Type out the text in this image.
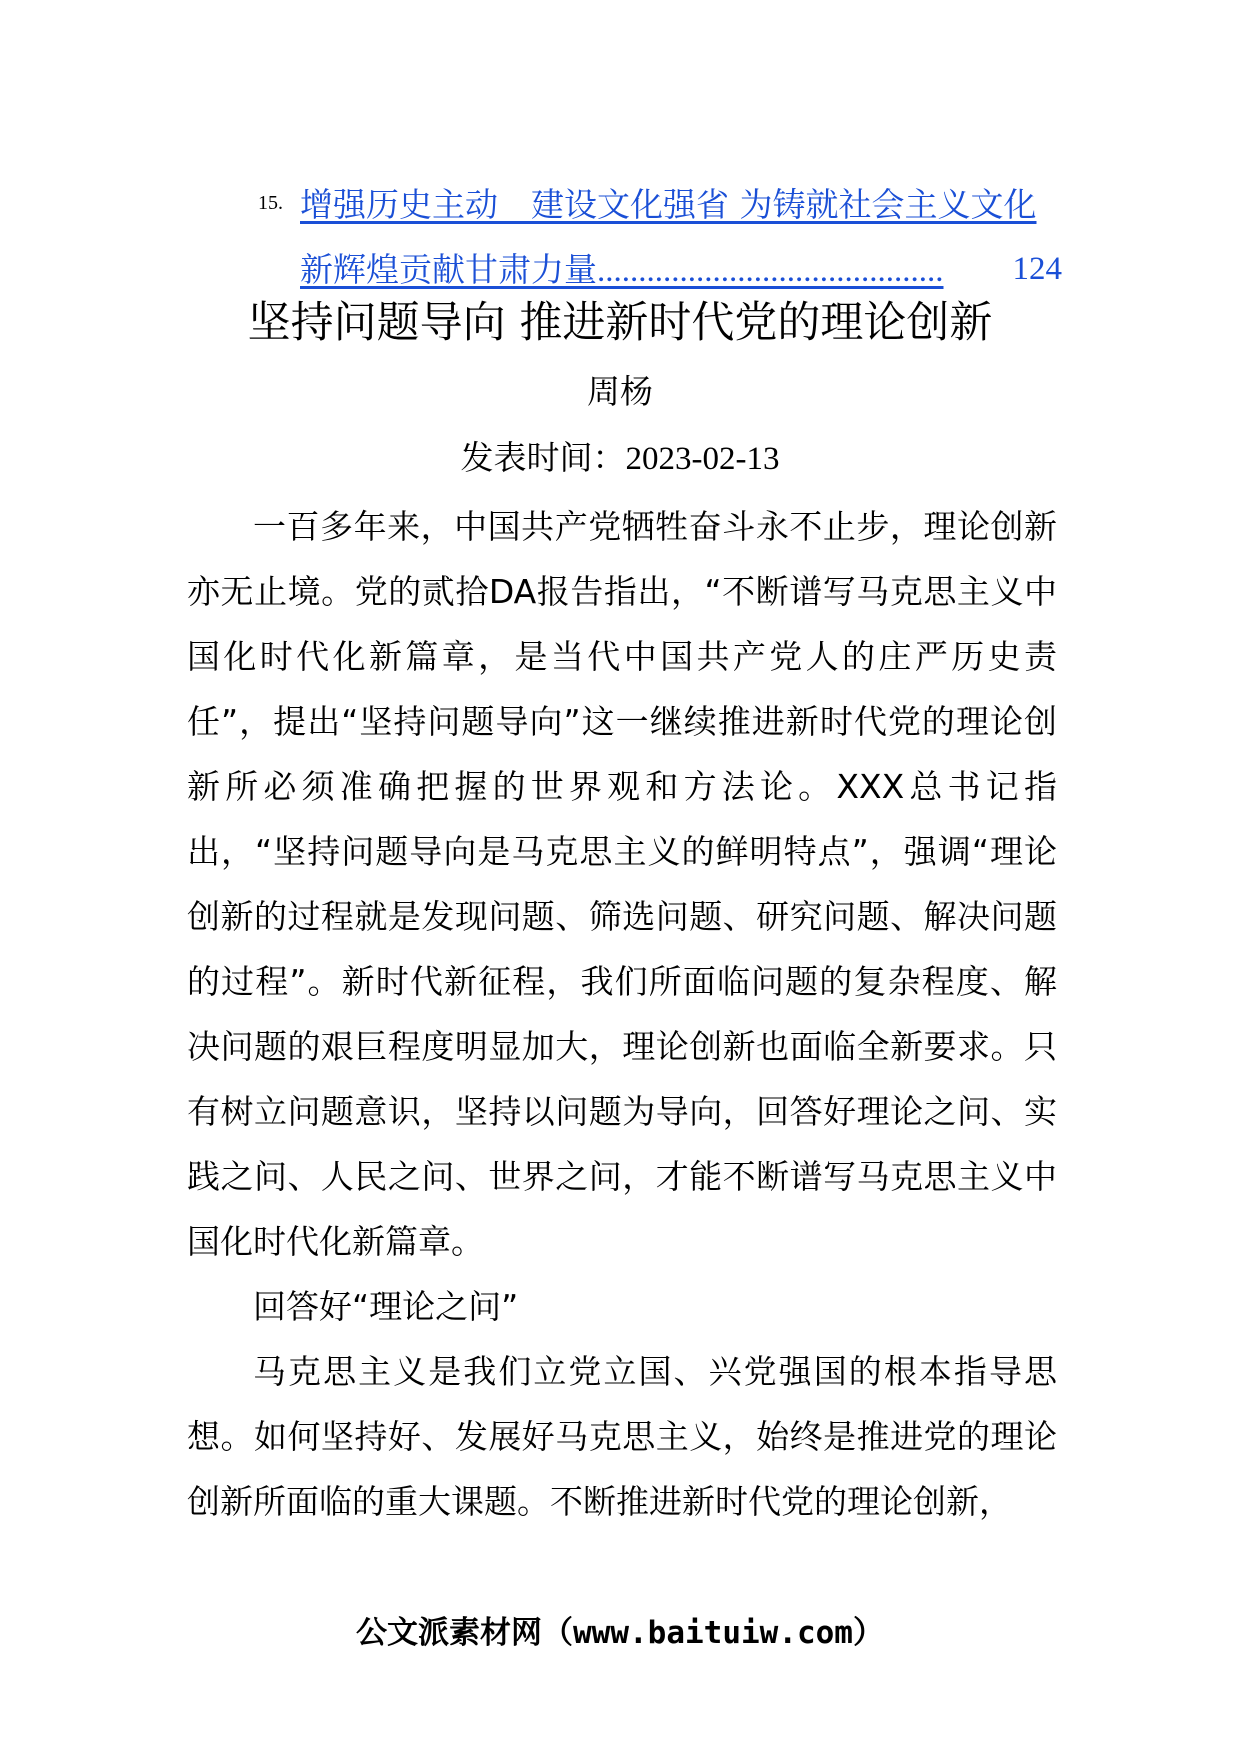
15. 增强历史主动　建设文化强省 为铸就社会主义文化
新辉煌贡献甘肃力量.......................................... 124
坚持问题导向 推进新时代党的理论创新
周杨
发表时间：2023-02-13

一百多年来，中国共产党牺牲奋斗永不止步，理论创新亦无止境。党的贰拾DA报告指出，“不断谱写马克思主义中国化时代化新篇章，是当代中国共产党人的庄严历史责任”，提出“坚持问题导向”这一继续推进新时代党的理论创新所必须准确把握的世界观和方法论。XXX总书记指出，“坚持问题导向是马克思主义的鲜明特点”，强调“理论创新的过程就是发现问题、筛选问题、研究问题、解决问题的过程”。新时代新征程，我们所面临问题的复杂程度、解决问题的艰巨程度明显加大，理论创新也面临全新要求。只有树立问题意识，坚持以问题为导向，回答好理论之问、实践之问、人民之问、世界之问，才能不断谱写马克思主义中国化时代化新篇章。

回答好“理论之问”

马克思主义是我们立党立国、兴党强国的根本指导思想。如何坚持好、发展好马克思主义，始终是推进党的理论创新所面临的重大课题。不断推进新时代党的理论创新，

公文派素材网（www.baituiw.com）
